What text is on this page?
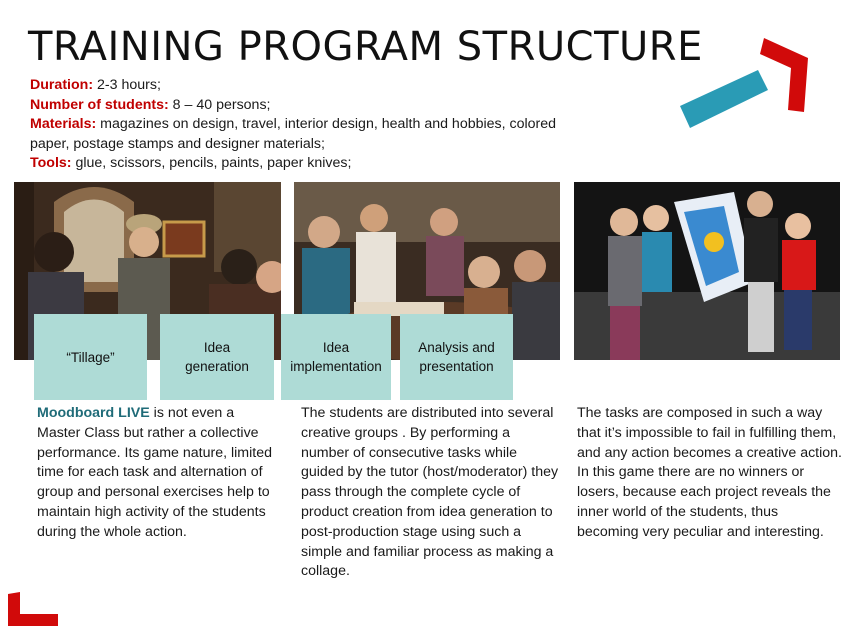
TRAINING PROGRAM STRUCTURE
Duration: 2-3 hours;
Number of students: 8 – 40 persons;
Materials: magazines on design, travel, interior design, health and hobbies, colored paper, postage stamps and designer materials;
Tools: glue, scissors, pencils, paints, paper knives;
“Tillage”
Idea generation
Idea implementation
Analysis and presentation
Moodboard LIVE is not even a Master Class but rather a collective performance. Its game nature, limited time for each task and alternation of group and personal exercises help to maintain high activity of the students during the whole action.
The students are distributed into several creative groups . By performing a number of consecutive tasks while guided by the tutor (host/moderator) they pass through the complete cycle of product creation from idea generation to post-production stage using such a simple and familiar process as making a collage.
The tasks are composed in such a way that it’s impossible to fail in fulfilling them, and any action becomes a creative action. In this game there are no winners or losers, because each project reveals the inner world of the students, thus becoming very peculiar and interesting.
